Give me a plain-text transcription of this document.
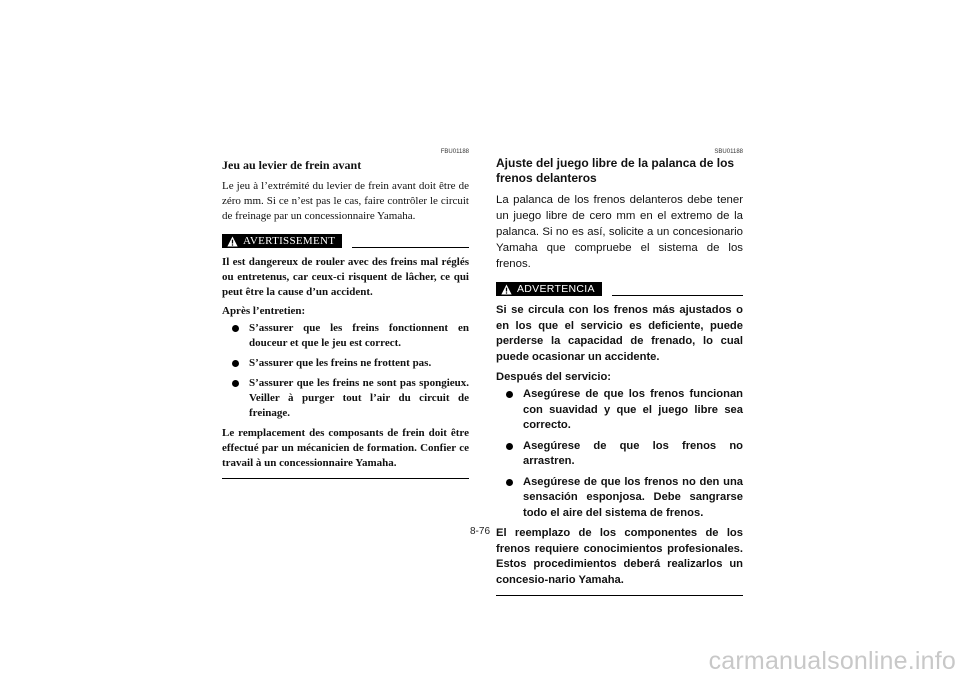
FBU01188

Jeu au levier de frein avant

Le jeu à l’extrémité du levier de frein avant doit être de zéro mm. Si ce n’est pas le cas, faire contrôler le circuit de freinage par un concessionnaire Yamaha.

AVERTISSEMENT

Il est dangereux de rouler avec des freins mal réglés ou entretenus, car ceux-ci risquent de lâcher, ce qui peut être la cause d’un accident.

Après l’entretien:
S’assurer que les freins fonctionnent en douceur et que le jeu est correct.
S’assurer que les freins ne frottent pas.
S’assurer que les freins ne sont pas spongieux. Veiller à purger tout l’air du circuit de freinage.

Le remplacement des composants de frein doit être effectué par un mécanicien de formation. Confier ce travail à un concessionnaire Yamaha.

SBU01188

Ajuste del juego libre de la palanca de los frenos delanteros

La palanca de los frenos delanteros debe tener un juego libre de cero mm en el extremo de la palanca. Si no es así, solicite a un concesionario Yamaha que compruebe el sistema de los frenos.

ADVERTENCIA

Si se circula con los frenos más ajustados o en los que el servicio es deficiente, puede perderse la capacidad de frenado, lo cual puede ocasionar un accidente.

Después del servicio:
Asegúrese de que los frenos funcionan con suavidad y que el juego libre sea correcto.
Asegúrese de que los frenos no arrastren.
Asegúrese de que los frenos no den una sensación esponjosa. Debe sangrarse todo el aire del sistema de frenos.

El reemplazo de los componentes de los frenos requiere conocimientos profesionales. Estos procedimientos deberá realizarlos un concesio-nario Yamaha.

8-76
carmanualsonline.info
